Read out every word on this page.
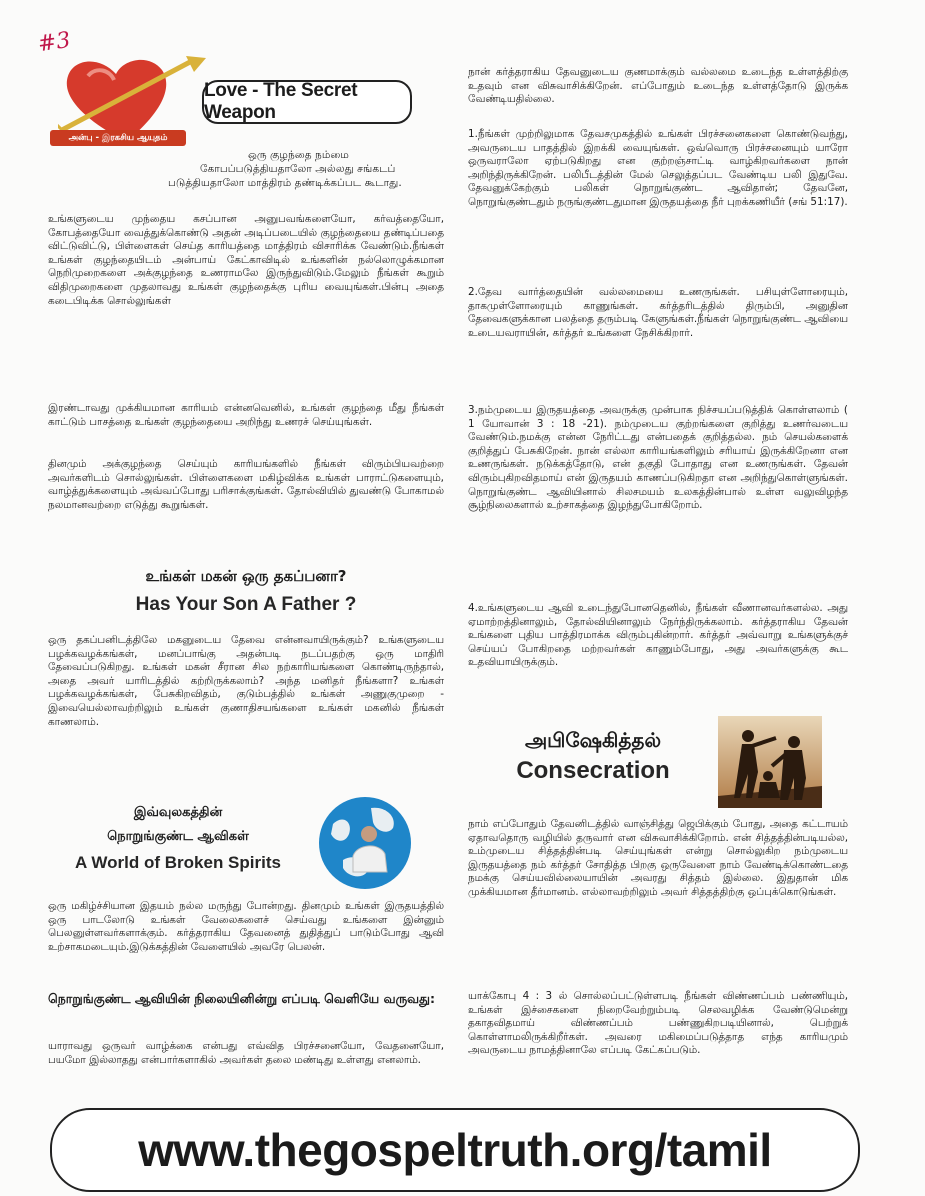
#3
அன்பு - இரகசிய ஆயுதம்
Love - The Secret Weapon
ஒரு குழந்தை நம்மை
கோபப்படுத்தியதாலோ அல்லது சங்கடப்
படுத்தியதாலோ மாத்திரம் தண்டிக்கப்பட கூடாது.

உங்களுடைய முந்தைய கசப்பான அனுபவங்களையோ, கர்வத்தையோ, கோபத்தையோ வைத்துக்கொண்டு அதன் அடிப்படையில் குழந்தையை தண்டிப்பதை விட்டுவிட்டு, பிள்ளைகள் செய்த காரியத்தை மாத்திரம் விசாரிக்க வேண்டும்.நீங்கள் உங்கள் குழந்தையிடம் அன்பாய் கேட்காவிடில் உங்களின் நல்லொழுக்கமான நெறிமுறைகளை அக்குழந்தை உணராமலே இருந்துவிடும்.மேலும் நீங்கள் கூறும் விதிமுறைகளை முதலாவது உங்கள் குழந்தைக்கு புரிய வையுங்கள்.பின்பு அதை கடைபிடிக்க சொல்லுங்கள்

இரண்டாவது முக்கியமான காரியம் என்னவெனில், உங்கள் குழந்தை மீது நீங்கள் காட்டும் பாசத்தை உங்கள் குழந்தையை அறிந்து உணரச் செய்யுங்கள்.

தினமும் அக்குழந்தை செய்யும் காரியங்களில் நீங்கள் விரும்பியவற்றை அவர்களிடம் சொல்லுங்கள். பிள்ளைகளை மகிழ்விக்க உங்கள் பாராட்டுகளையும், வாழ்த்துக்களையும் அவ்வப்போது பரிசாக்குங்கள். தோல்வியில் துவண்டு போகாமல் நலமானவற்றை எடுத்து கூறுங்கள்.

உங்கள் மகன் ஒரு தகப்பனா?
Has Your Son A Father ?

ஒரு தகப்பனிடத்திலே மகனுடைய தேவை என்னவாயிருக்கும்? உங்களுடைய பழக்கவழக்கங்கள், மனப்பாங்கு அதன்படி நடப்பதற்கு ஒரு மாதிரி தேவைப்படுகிறது. உங்கள் மகன் சீரான சில நற்காரியங்களை கொண்டிருந்தால், அதை அவர் யாரிடத்தில் கற்றிருக்கலாம்? அந்த மனிதர் நீங்களா? உங்கள் பழக்கவழக்கங்கள், பேசுகிறவிதம், குடும்பத்தில் உங்கள் அணுகுமுறை - இவையெல்லாவற்றிலும் உங்கள் குணாதிசயங்களை உங்கள் மகனில் நீங்கள் காணலாம்.

இவ்வுலகத்தின்
நொறுங்குண்ட ஆவிகள்
A World of Broken Spirits

ஒரு மகிழ்ச்சியான இதயம் நல்ல மருந்து போன்றது. தினமும் உங்கள் இருதயத்தில் ஒரு பாடலோடு உங்கள் வேலைகளைச் செய்வது உங்களை இன்னும் பெலனுள்ளவர்களாக்கும். கர்த்தராகிய தேவனைத் துதித்துப் பாடும்போது ஆவி உற்சாகமடையும்.இடுக்கத்தின் வேளையில் அவரே பெலன்.

நொறுங்குண்ட ஆவியின் நிலையினின்று எப்படி வெளியே வருவது:

யாராவது ஒருவர் வாழ்க்கை என்பது எவ்வித பிரச்சனையோ, வேதனையோ, பயமோ இல்லாதது என்பார்களாகில் அவர்கள் தலை மண்டிது உள்ளது எனலாம்.

நான் கர்த்தராகிய தேவனுடைய குணமாக்கும் வல்லமை உடைந்த உள்ளத்திற்கு உதவும் என விசுவாசிக்கிறேன். எப்போதும் உடைந்த உள்ளத்தோடு இருக்க வேண்டியதில்லை.

1.நீங்கள் முற்றிலுமாக தேவசமுகத்தில் உங்கள் பிரச்சனைகளை கொண்டுவந்து, அவருடைய பாதத்தில் இறக்கி வையுங்கள். ஒவ்வொரு பிரச்சனையும் யாரோ ஒருவராலோ ஏற்படுகிறது என குற்றஞ்சாட்டி வாழ்கிறவர்களை நான் அறிந்திருக்கிறேன். பலிபீடத்தின் மேல் செலுத்தப்பட வேண்டிய பலி இதுவே. தேவனுக்கேற்கும் பலிகள் நொறுங்குண்ட ஆவிதான்; தேவனே, நொறுங்குண்டதும் நருங்குண்டதுமான இருதயத்தை நீர் புறக்கணியீர் (சங் 51:17).

2.தேவ வார்த்தையின் வல்லமையை உணருங்கள். பசியுள்ளோரையும், தாகமுள்ளோரையும் காணுங்கள். கர்த்தரிடத்தில் திரும்பி, அனுதின தேவைகளுக்கான பலத்தை தரும்படி கேளுங்கள்.நீங்கள் நொறுங்குண்ட ஆவியை உடையவராயின், கர்த்தர் உங்களை நேசிக்கிறார்.

3.நம்முடைய இருதயத்தை அவருக்கு முன்பாக நிச்சயப்படுத்திக் கொள்ளலாம் ( 1 யோவான் 3 : 18 -21). நம்முடைய குற்றங்களை குறித்து உணர்வடைய வேண்டும்.நமக்கு என்ன நேரிட்டது என்பதைக் குறித்தல்ல. நம் செயல்களைக் குறித்துப் பேசுகிறேன். நான் எல்லா காரியங்களிலும் சரியாய் இருக்கிறேனா என உணருங்கள். நடுக்கத்தோடு, என் தகுதி போதாது என உணருங்கள். தேவன் விரும்புகிறவிதமாய் என் இருதயம் காணப்படுகிறதா என அறிந்துகொள்ளுங்கள். நொறுங்குண்ட ஆவியினால் சிலசமயம் உலகத்தின்பால் உள்ள வலுவிழந்த சூழ்நிலைகளால் உற்சாகத்தை இழந்துபோகிறோம்.

4.உங்களுடைய ஆவி உடைந்துபோனதெனில், நீங்கள் வீணானவர்களல்ல. அது ஏமாற்றத்தினாலும், தோல்வியினாலும் நேர்ந்திருக்கலாம். கர்த்தராகிய தேவன் உங்களை புதிய பாத்திரமாக்க விரும்புகின்றார். கர்த்தர் அவ்வாறு உங்களுக்குச் செய்யப் போகிறதை மற்றவர்கள் காணும்போது, அது அவர்களுக்கு கூட உதவியாயிருக்கும்.

அபிஷேகித்தல்
Consecration

நாம் எப்போதும் தேவனிடத்தில் வாஞ்சித்து ஜெபிக்கும் போது, அதை கட்டாயம் ஏதாவதொரு வழியில் தருவார் என விசுவாசிக்கிறோம். என் சித்தத்தின்படியல்ல, உம்முடைய சித்தத்தின்படி செய்யுங்கள் என்று சொல்லுகிற நம்முடைய இருதயத்தை நம் கர்த்தர் சோதித்த பிறகு ஒருவேளை நாம் வேண்டிக்கொண்டதை நமக்கு செய்யவில்லையாயின் அவரது சித்தம் இல்லை. இதுதான் மிக முக்கியமான தீர்மானம். எல்லாவற்றிலும் அவர் சித்தத்திற்கு ஒப்புக்கொடுங்கள்.

யாக்கோபு 4 : 3 ல் சொல்லப்பட்டுள்ளபடி நீங்கள் விண்ணப்பம் பண்ணியும், உங்கள் இச்சைகளை நிறைவேற்றும்படி செலவழிக்க வேண்டுமென்று தகாதவிதமாய் விண்ணப்பம் பண்ணுகிறபடியினால், பெற்றுக் கொள்ளாமலிருக்கிறீர்கள். அவரை மகிமைப்படுத்தாத எந்த காரியமும் அவருடைய நாமத்தினாலே எப்படி கேட்கப்படும்.

www.thegospeltruth.org/tamil
